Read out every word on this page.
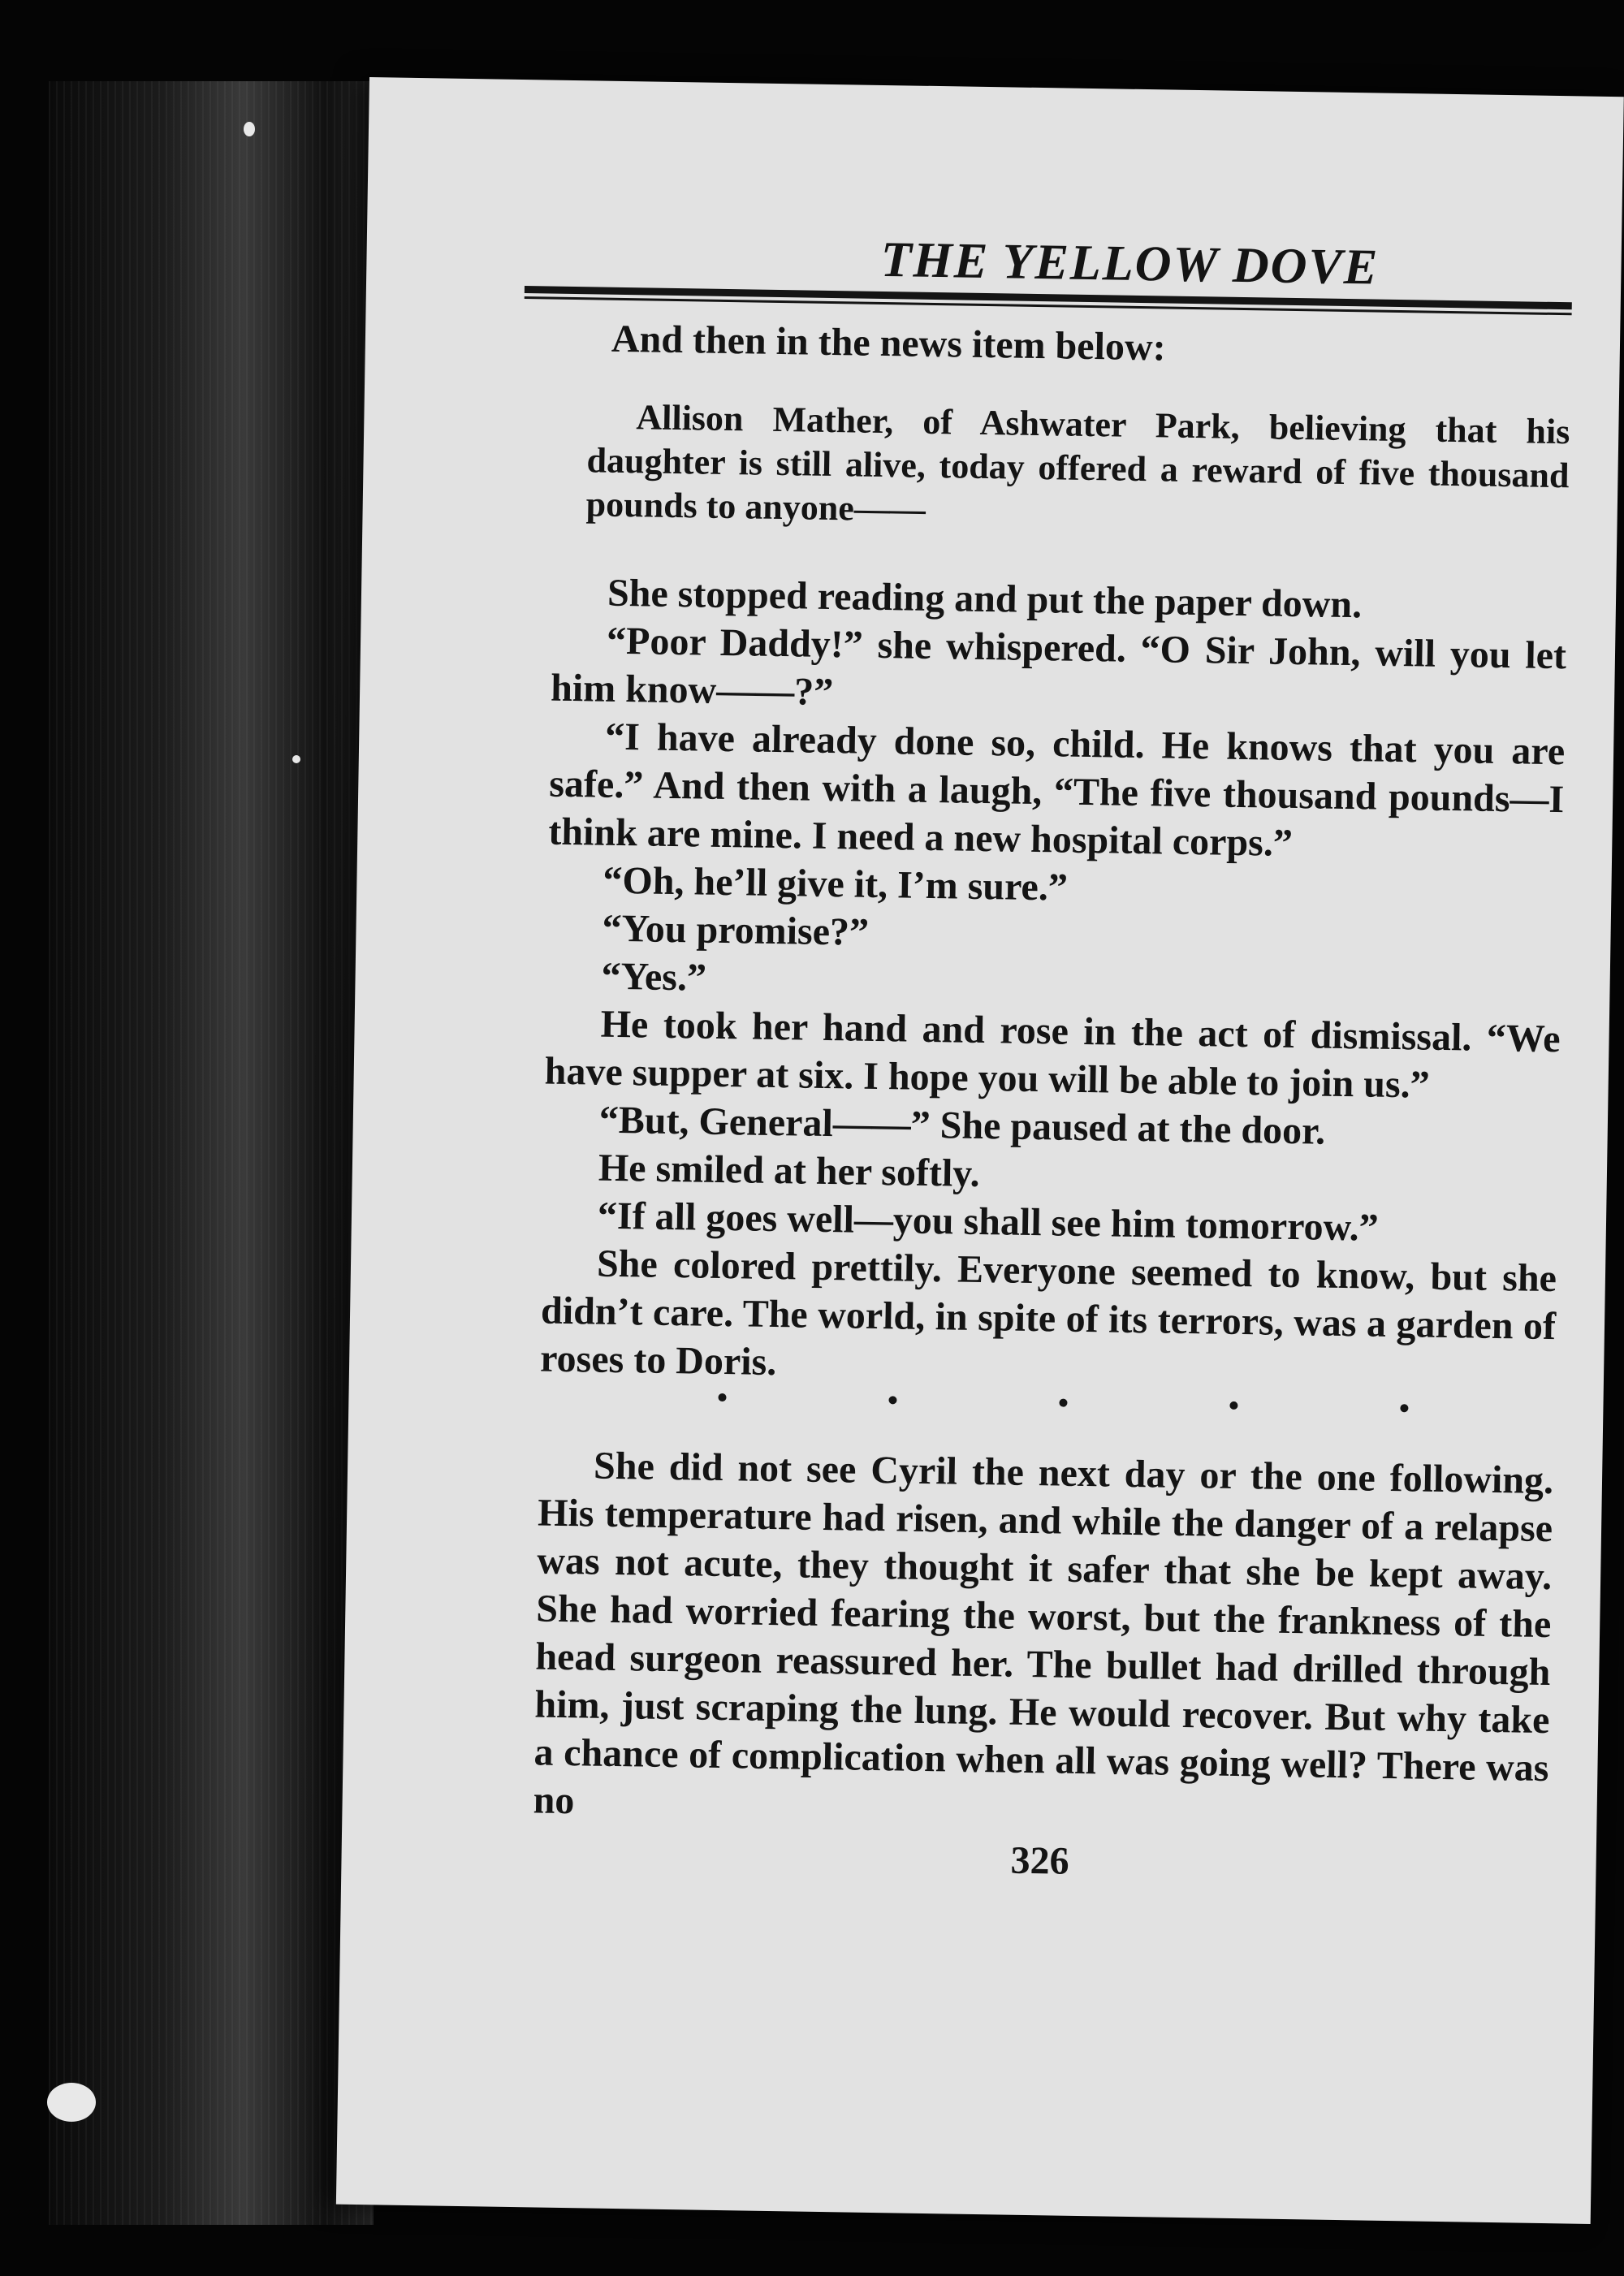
THE YELLOW DOVE

And then in the news item below:

Allison Mather, of Ashwater Park, believing that his daughter is still alive, today offered a reward of five thousand pounds to anyone——

She stopped reading and put the paper down.

“Poor Daddy!” she whispered. “O Sir John, will you let him know——?”

“I have already done so, child. He knows that you are safe.” And then with a laugh, “The five thousand pounds—I think are mine. I need a new hospital corps.”

“Oh, he’ll give it, I’m sure.”

“You promise?”

“Yes.”

He took her hand and rose in the act of dismissal. “We have supper at six. I hope you will be able to join us.”

“But, General——” She paused at the door.

He smiled at her softly.

“If all goes well—you shall see him tomorrow.”

She colored prettily. Everyone seemed to know, but she didn’t care. The world, in spite of its terrors, was a garden of roses to Doris.

She did not see Cyril the next day or the one following. His temperature had risen, and while the danger of a relapse was not acute, they thought it safer that she be kept away. She had worried fearing the worst, but the frankness of the head surgeon reassured her. The bullet had drilled through him, just scraping the lung. He would recover. But why take a chance of complication when all was going well? There was no

326
